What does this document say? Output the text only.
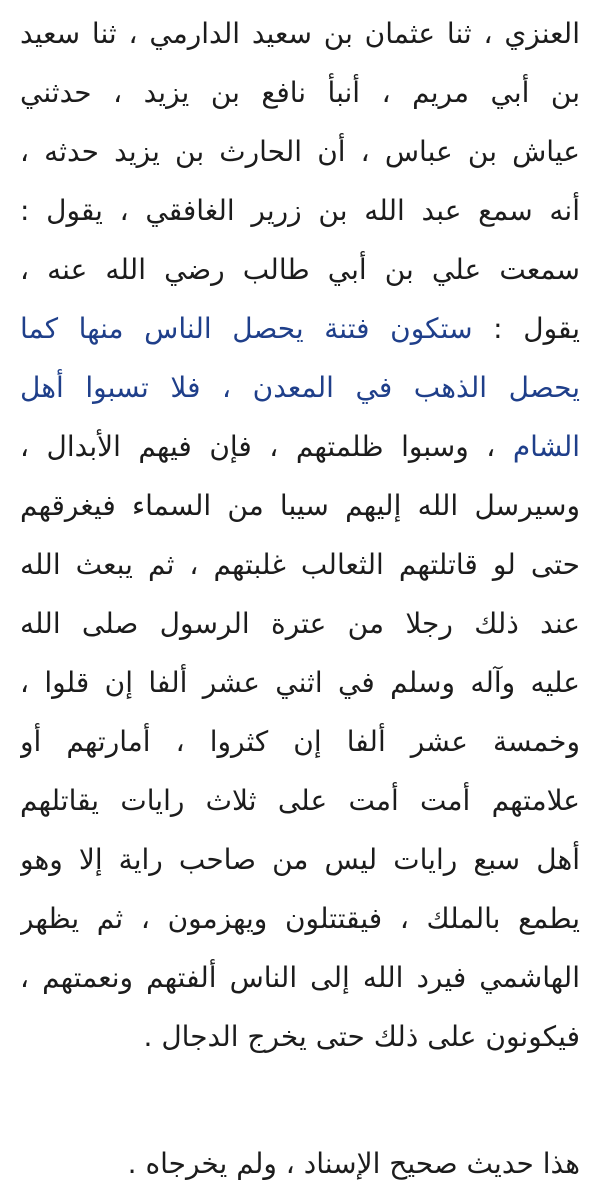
العنزي ، ثنا عثمان بن سعيد الدارمي ، ثنا سعيد
بن أبي مريم ، أنبأ نافع بن يزيد ، حدثني
عياش بن عباس ، أن الحارث بن يزيد حدثه ،
أنه سمع عبد الله بن زرير الغافقي ، يقول :
سمعت علي بن أبي طالب رضي الله عنه ،
يقول : ستكون فتنة يحصل الناس منها كما
يحصل الذهب في المعدن ، فلا تسبوا أهل
الشام ، وسبوا ظلمتهم ، فإن فيهم الأبدال ،
وسيرسل الله إليهم سيبا من السماء فيغرقهم
حتى لو قاتلتهم الثعالب غلبتهم ، ثم يبعث الله
عند ذلك رجلا من عترة الرسول صلى الله
عليه وآله وسلم في اثني عشر ألفا إن قلوا ،
وخمسة عشر ألفا إن كثروا ، أمارتهم أو
علامتهم أمت أمت على ثلاث رايات يقاتلهم
أهل سبع رايات ليس من صاحب راية إلا وهو
يطمع بالملك ، فيقتتلون ويهزمون ، ثم يظهر
الهاشمي فيرد الله إلى الناس ألفتهم ونعمتهم ،
فيكونون على ذلك حتى يخرج الدجال .
هذا حديث صحيح الإسناد ، ولم يخرجاه .
